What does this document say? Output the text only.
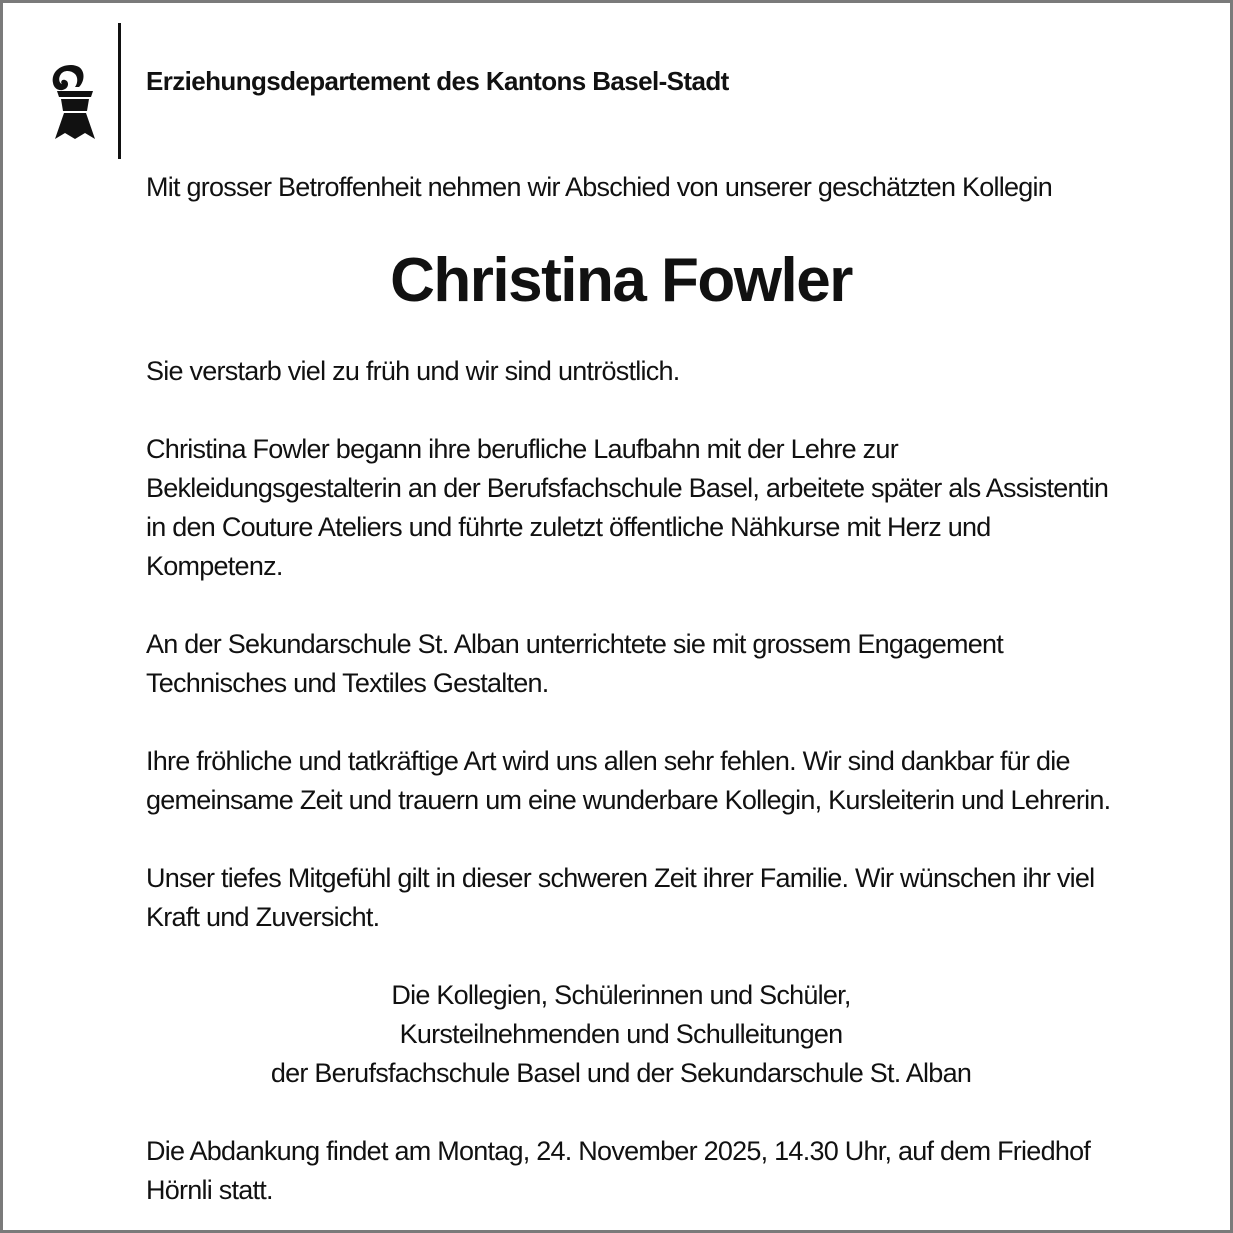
Erziehungsdepartement des Kantons Basel-Stadt

Mit grosser Betroffenheit nehmen wir Abschied von unserer geschätzten Kollegin

Christina Fowler

Sie verstarb viel zu früh und wir sind untröstlich.

Christina Fowler begann ihre berufliche Laufbahn mit der Lehre zur
Bekleidungsgestalterin an der Berufsfachschule Basel, arbeitete später als Assistentin
in den Couture Ateliers und führte zuletzt öffentliche Nähkurse mit Herz und
Kompetenz.

An der Sekundarschule St. Alban unterrichtete sie mit grossem Engagement
Technisches und Textiles Gestalten.

Ihre fröhliche und tatkräftige Art wird uns allen sehr fehlen. Wir sind dankbar für die
gemeinsame Zeit und trauern um eine wunderbare Kollegin, Kursleiterin und Lehrerin.

Unser tiefes Mitgefühl gilt in dieser schweren Zeit ihrer Familie. Wir wünschen ihr viel
Kraft und Zuversicht.

Die Kollegien, Schülerinnen und Schüler,
Kursteilnehmenden und Schulleitungen
der Berufsfachschule Basel und der Sekundarschule St. Alban

Die Abdankung findet am Montag, 24. November 2025, 14.30 Uhr, auf dem Friedhof
Hörnli statt.
